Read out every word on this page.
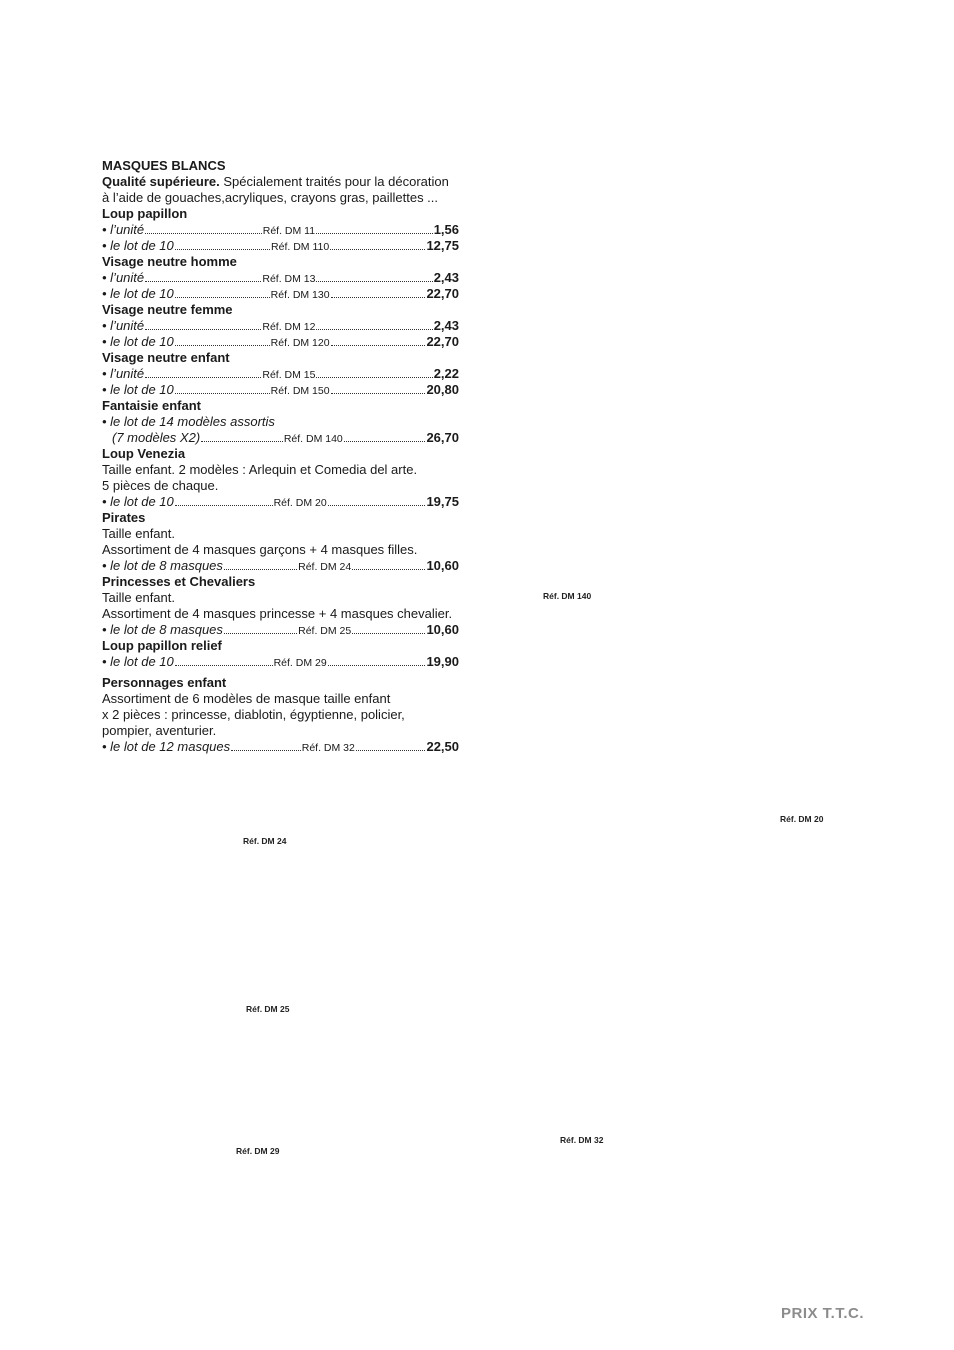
MASQUES BLANCS
Qualité supérieure. Spécialement traités pour la décoration
à l’aide de gouaches,acryliques, crayons gras, paillettes ...
Loup papillon
• l’unité	Réf. DM 11	1,56
• le lot de 10	Réf. DM 110	12,75
Visage neutre homme
• l’unité	Réf. DM 13	2,43
• le lot de 10	Réf. DM 130	22,70
Visage neutre femme
• l’unité	Réf. DM 12	2,43
• le lot de 10	Réf. DM 120	22,70
Visage neutre enfant
• l’unité	Réf. DM 15	2,22
• le lot de 10	Réf. DM 150	20,80
Fantaisie enfant
• le lot de 14 modèles assortis
(7 modèles X2)	Réf. DM 140	26,70
Loup Venezia
Taille enfant. 2 modèles : Arlequin et Comedia del arte.
5 pièces de chaque.
• le lot de 10	Réf. DM 20	19,75
Pirates
Taille enfant.
Assortiment de 4 masques garçons + 4 masques filles.
• le lot de 8 masques	Réf. DM 24	10,60
Princesses et Chevaliers
Taille enfant.
Assortiment de 4 masques princesse + 4 masques chevalier.
• le lot de 8 masques	Réf. DM 25	10,60
Loup papillon relief
• le lot de 10	Réf. DM 29	19,90
Personnages enfant
Assortiment de 6 modèles de masque taille enfant
x 2 pièces : princesse, diablotin, égyptienne, policier,
pompier, aventurier.
• le lot de 12 masques	Réf. DM 32	22,50
Réf. DM 140
Réf. DM 20
Réf. DM 24
Réf. DM 25
Réf. DM 32
Réf. DM 29
PRIX T.T.C.
